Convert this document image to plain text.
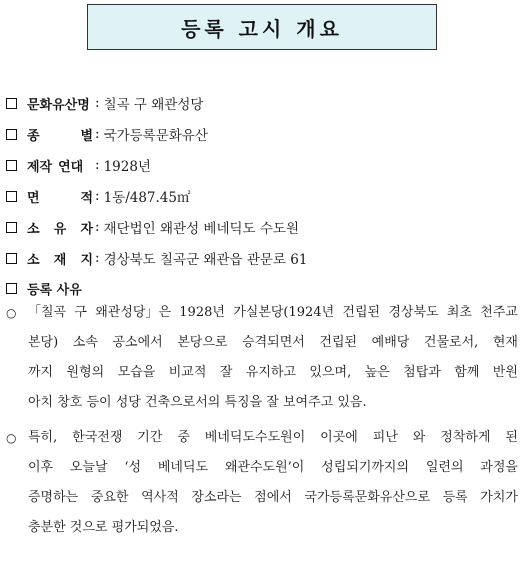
등록 고시 개요
문화유산명 : 칠곡 구 왜관성당
종	별 : 국가등록문화유산
제작 연대 : 1928년
면	적 : 1동/487.45㎡
소 유 자 : 재단법인 왜관성 베네딕도 수도원
소 재 지 : 경상북도 칠곡군 왜관읍 관문로 61
등록 사유
○ 「칠곡 구 왜관성당」은 1928년 가실본당(1924년 건립된 경상북도 최초 천주교
본당) 소속 공소에서 본당으로 승격되면서 건립된 예배당 건물로서, 현재
까지 원형의 모습을 비교적 잘 유지하고 있으며, 높은 첨탑과 함께 반원
아치 창호 등이 성당 건축으로서의 특징을 잘 보여주고 있음.
○ 특히, 한국전쟁 기간 중 베네딕도수도원이 이곳에 피난 와 정착하게 된
이후 오늘날 ‘성 베네딕도 왜관수도원’이 성립되기까지의 일련의 과정을
증명하는 중요한 역사적 장소라는 점에서 국가등록문화유산으로 등록 가치가
충분한 것으로 평가되었음.
